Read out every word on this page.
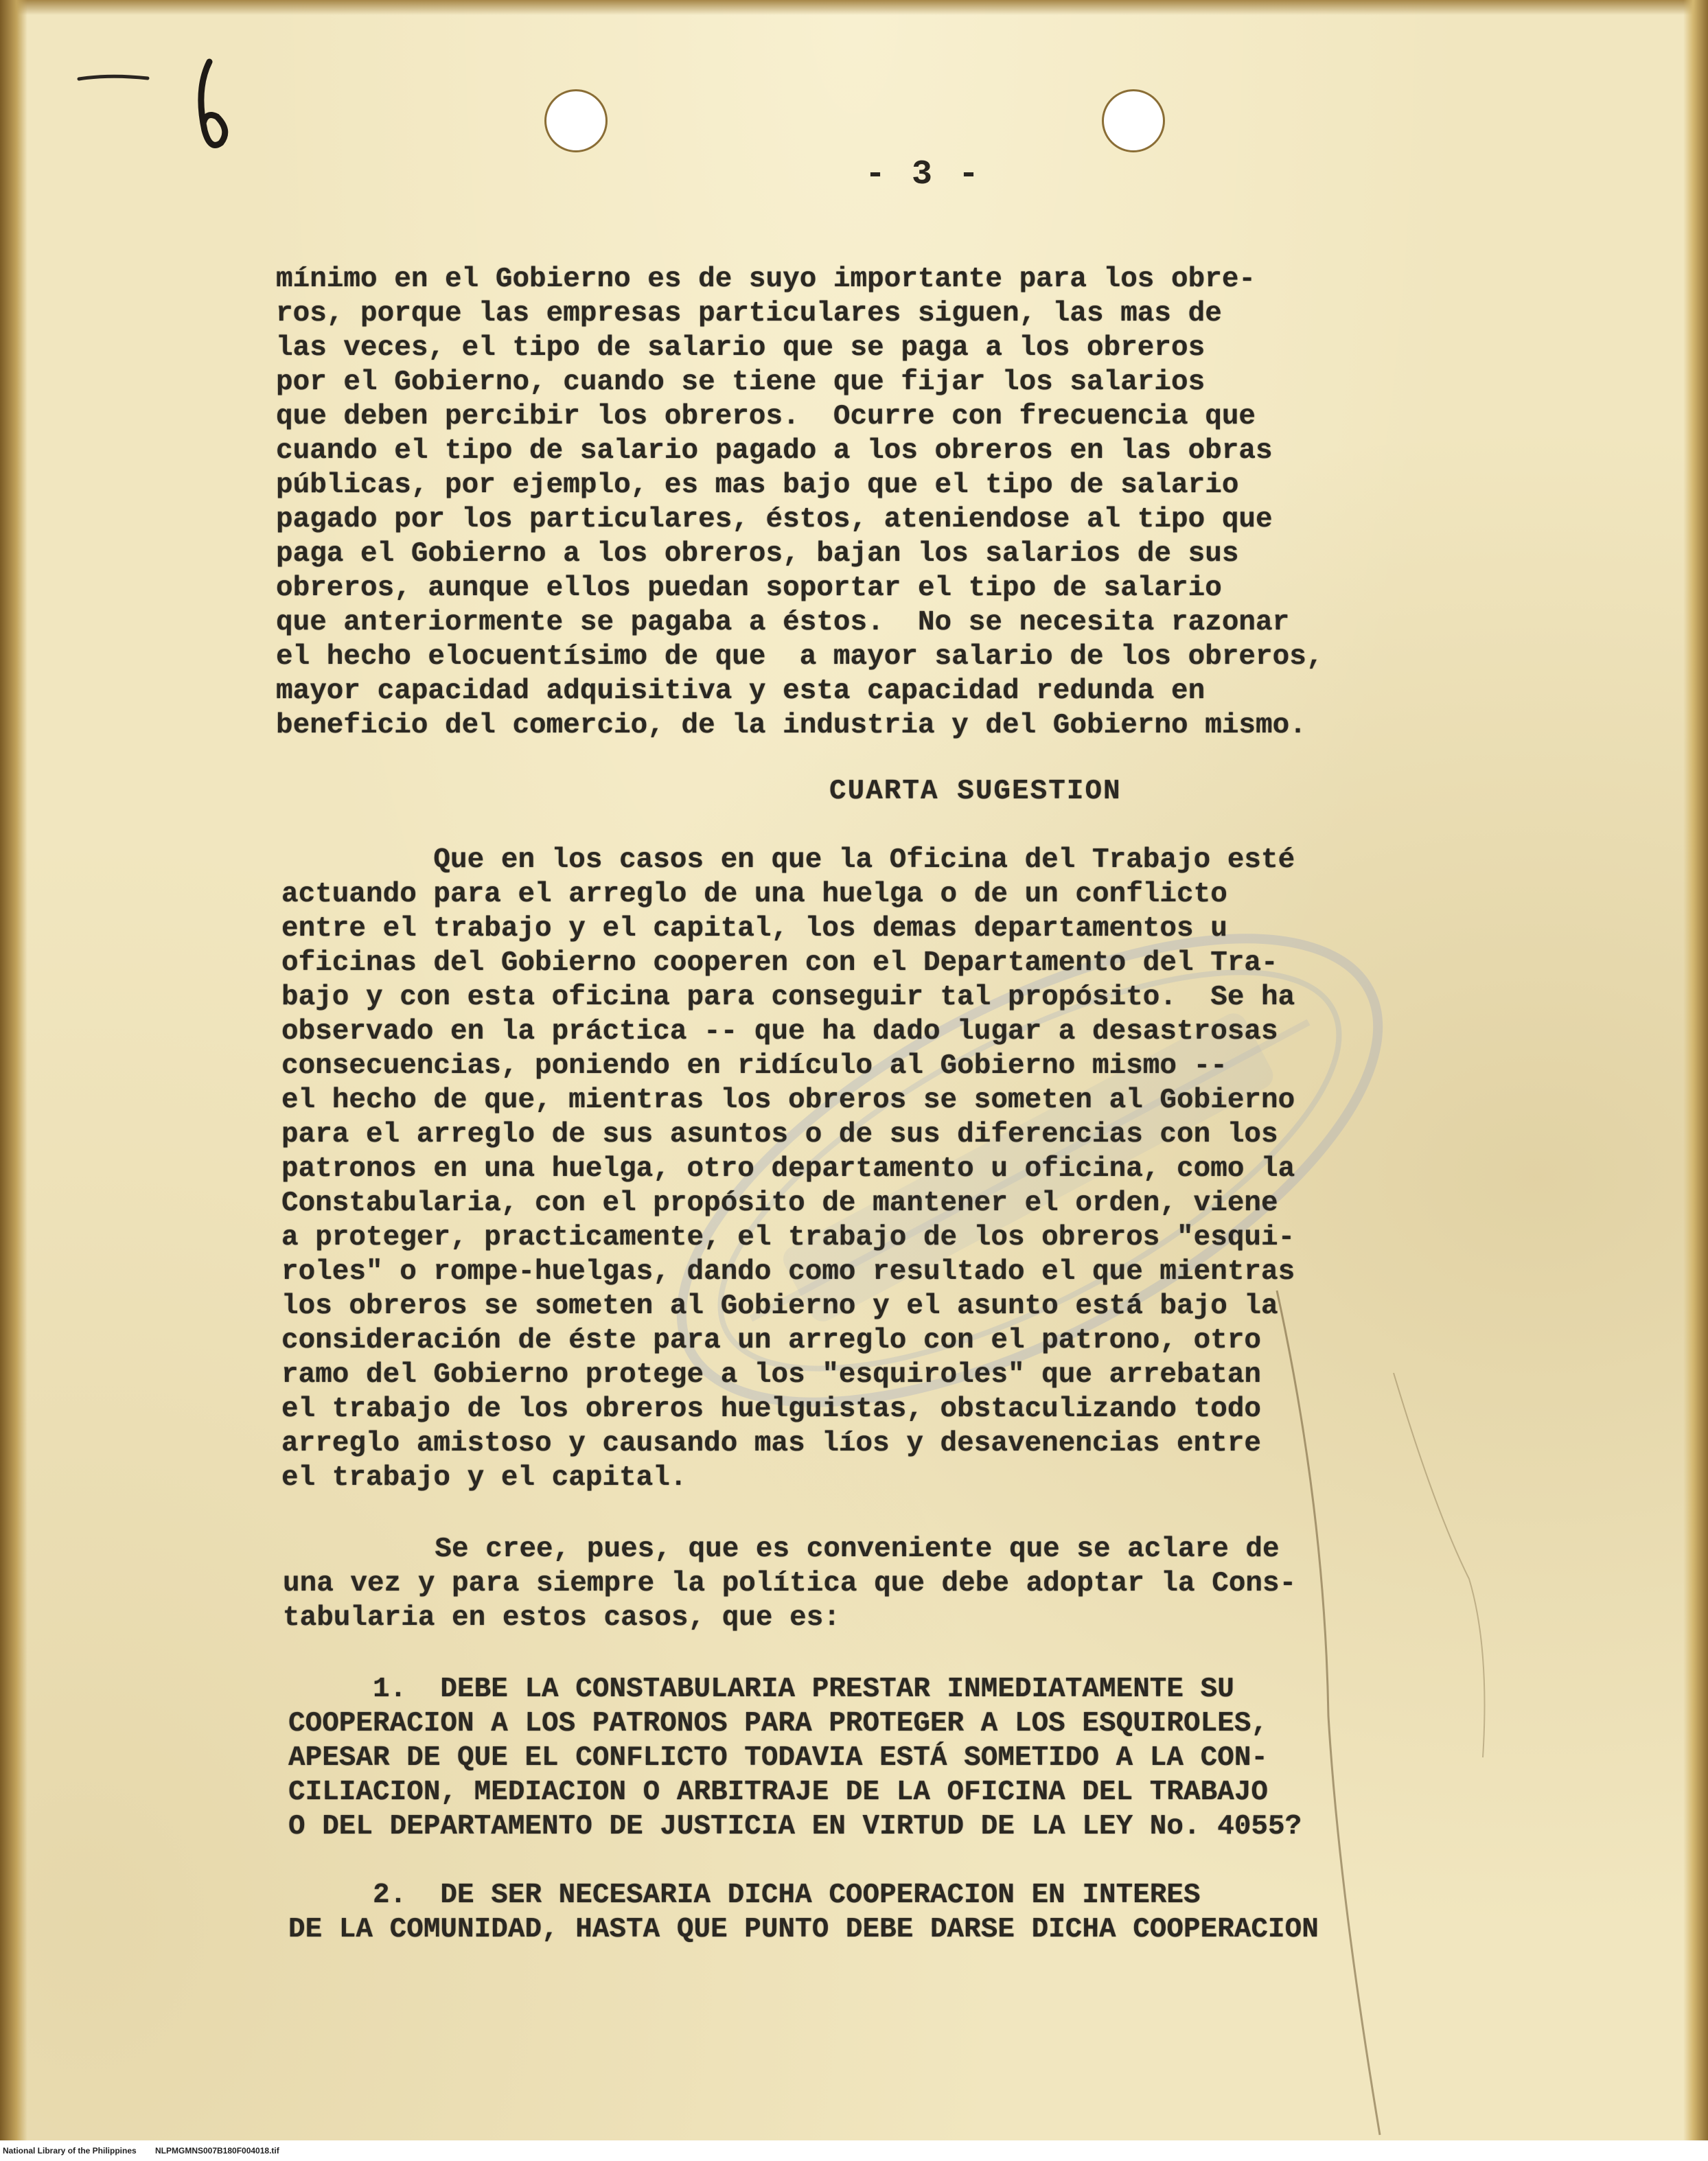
- 3 -
mínimo en el Gobierno es de suyo importante para los obre-
ros, porque las empresas particulares siguen, las mas de
las veces, el tipo de salario que se paga a los obreros
por el Gobierno, cuando se tiene que fijar los salarios
que deben percibir los obreros.  Ocurre con frecuencia que
cuando el tipo de salario pagado a los obreros en las obras
públicas, por ejemplo, es mas bajo que el tipo de salario
pagado por los particulares, éstos, ateniendose al tipo que
paga el Gobierno a los obreros, bajan los salarios de sus
obreros, aunque ellos puedan soportar el tipo de salario
que anteriormente se pagaba a éstos.  No se necesita razonar
el hecho elocuentísimo de que  a mayor salario de los obreros,
mayor capacidad adquisitiva y esta capacidad redunda en
beneficio del comercio, de la industria y del Gobierno mismo.
CUARTA SUGESTION
Que en los casos en que la Oficina del Trabajo esté
actuando para el arreglo de una huelga o de un conflicto
entre el trabajo y el capital, los demas departamentos u
oficinas del Gobierno cooperen con el Departamento del Tra-
bajo y con esta oficina para conseguir tal propósito.  Se ha
observado en la práctica -- que ha dado lugar a desastrosas
consecuencias, poniendo en ridículo al Gobierno mismo --
el hecho de que, mientras los obreros se someten al Gobierno
para el arreglo de sus asuntos o de sus diferencias con los
patronos en una huelga, otro departamento u oficina, como la
Constabularia, con el propósito de mantener el orden, viene
a proteger, practicamente, el trabajo de los obreros "esqui-
roles" o rompe-huelgas, dando como resultado el que mientras
los obreros se someten al Gobierno y el asunto está bajo la
consideración de éste para un arreglo con el patrono, otro
ramo del Gobierno protege a los "esquiroles" que arrebatan
el trabajo de los obreros huelguistas, obstaculizando todo
arreglo amistoso y causando mas líos y desavenencias entre
el trabajo y el capital.
Se cree, pues, que es conveniente que se aclare de
una vez y para siempre la política que debe adoptar la Cons-
tabularia en estos casos, que es:
1.  DEBE LA CONSTABULARIA PRESTAR INMEDIATAMENTE SU
COOPERACION A LOS PATRONOS PARA PROTEGER A LOS ESQUIROLES,
APESAR DE QUE EL CONFLICTO TODAVIA ESTÁ SOMETIDO A LA CON-
CILIACION, MEDIACION O ARBITRAJE DE LA OFICINA DEL TRABAJO
O DEL DEPARTAMENTO DE JUSTICIA EN VIRTUD DE LA LEY No. 4055?
2.  DE SER NECESARIA DICHA COOPERACION EN INTERES
DE LA COMUNIDAD, HASTA QUE PUNTO DEBE DARSE DICHA COOPERACION
National Library of the Philippines NLPMGMNS007B180F004018.tif
